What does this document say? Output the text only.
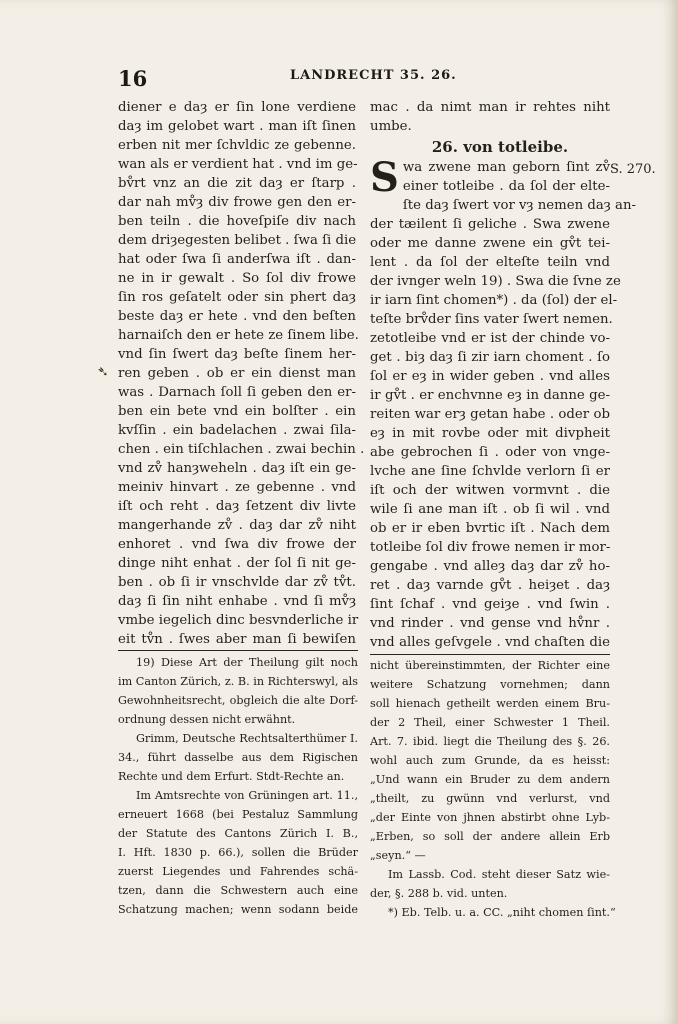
16	LANDRECHT 35. 26.
➴
diener e daȝ er ſin lone verdiene
daȝ im gelobet wart . man iſt ſinen
erben nit mer ſchvldic ze gebenne.
wan als er verdient hat . vnd im ge-
bv̊rt vnz an die zit daȝ er ſtarp .
dar nah mv̊ȝ div frowe gen den er-
ben teiln . die hoveſpiſe div nach
dem driȝegesten belibet . ſwa ſi die
hat oder ſwa ſi anderſwa iſt . dan-
ne in ir gewalt . So ſol div frowe
ſin ros geſatelt oder sin phert daȝ
beste daȝ er hete . vnd den beſten
harnaiſch den er hete ze ſinem libe.
vnd ſin ſwert daȝ beſte ſinem her-
ren geben . ob er ein dienst man
was . Darnach ſoll ſi geben den er-
ben ein bete vnd ein bolſter . ein
kvſſin . ein badelachen . zwai ſila-
chen . ein tiſchlachen . zwai bechin .
vnd zv̊ hanȝweheln . daȝ iſt ein ge-
meiniv hinvart . ze gebenne . vnd
iſt och reht . daȝ ſetzent div livte
mangerhande zv̊ . daȝ dar zv̊ niht
enhoret . vnd ſwa div frowe der
dinge niht enhat . der ſol ſi nit ge-
ben . ob ſi ir vnschvlde dar zv̊ tv̊t.
daȝ ſi ſin niht enhabe . vnd ſi mv̊ȝ
vmbe iegelich dinc besvnderliche ir
eit tv̊n . ſwes aber man ſi bewiſen
mac . da nimt man ir rehtes niht
umbe.
26. von totleibe.
S wa zwene man geborn ſint zv̊
einer totleibe . da ſol der elte-
ſte daȝ ſwert vor vȝ nemen daȝ an-
der tæilent ſi geliche . Swa zwene
oder me danne zwene ein gv̊t tei-
lent . da ſol der elteſte teiln vnd
der ivnger weln 19) . Swa die ſvne ze
ir iarn ſint chomen*) . da (ſol) der el-
teſte brv̊der ſins vater ſwert nemen.
zetotleibe vnd er ist der chinde vo-
get . biȝ daȝ ſi zir iarn choment . ſo
ſol er eȝ in wider geben . vnd alles
ir gv̊t . er enchvnne eȝ in danne ge-
reiten war erȝ getan habe . oder ob
eȝ in mit rovbe oder mit divpheit
abe gebrochen ſi . oder von vnge-
lvche ane ſine ſchvlde verlorn ſi er
iſt och der witwen vormvnt . die
wile ſi ane man iſt . ob ſi wil . vnd
ob er ir eben bvrtic iſt . Nach dem
totleibe ſol div frowe nemen ir mor-
gengabe . vnd alleȝ daȝ dar zv̊ ho-
ret . daȝ varnde gv̊t . heiȝet . daȝ
ſint ſchaf . vnd geiȝe . vnd ſwin .
vnd rinder . vnd gense vnd hv̊nr .
vnd alles geſvgele . vnd chaſten die
S. 270.
19) Diese Art der Theilung gilt noch
im Canton Zürich, z. B. in Richterswyl, als
Gewohnheitsrecht, obgleich die alte Dorf-
ordnung dessen nicht erwähnt.
Grimm, Deutsche Rechtsalterthümer I.
34., führt dasselbe aus dem Rigischen
Rechte und dem Erfurt. Stdt-Rechte an.
Im Amtsrechte von Grüningen art. 11.,
erneuert 1668 (bei Pestaluz Sammlung
der Statute des Cantons Zürich I. B.,
I. Hft. 1830 p. 66.), sollen die Brüder
zuerst Liegendes und Fahrendes schä-
tzen, dann die Schwestern auch eine
Schatzung machen; wenn sodann beide
nicht übereinstimmten, der Richter eine
weitere Schatzung vornehmen; dann
soll hienach getheilt werden einem Bru-
der 2 Theil, einer Schwester 1 Theil.
Art. 7. ibid. liegt die Theilung des §. 26.
wohl auch zum Grunde, da es heisst:
„Und wann ein Bruder zu dem andern
„theilt, zu gwünn vnd verlurst, vnd
„der Einte von jhnen abstirbt ohne Lyb-
„Erben, so soll der andere allein Erb
„seyn.“ —
Im Lassb. Cod. steht dieser Satz wie-
der, §. 288 b. vid. unten.
*) Eb. Telb. u. a. CC. „niht chomen ſint.“
